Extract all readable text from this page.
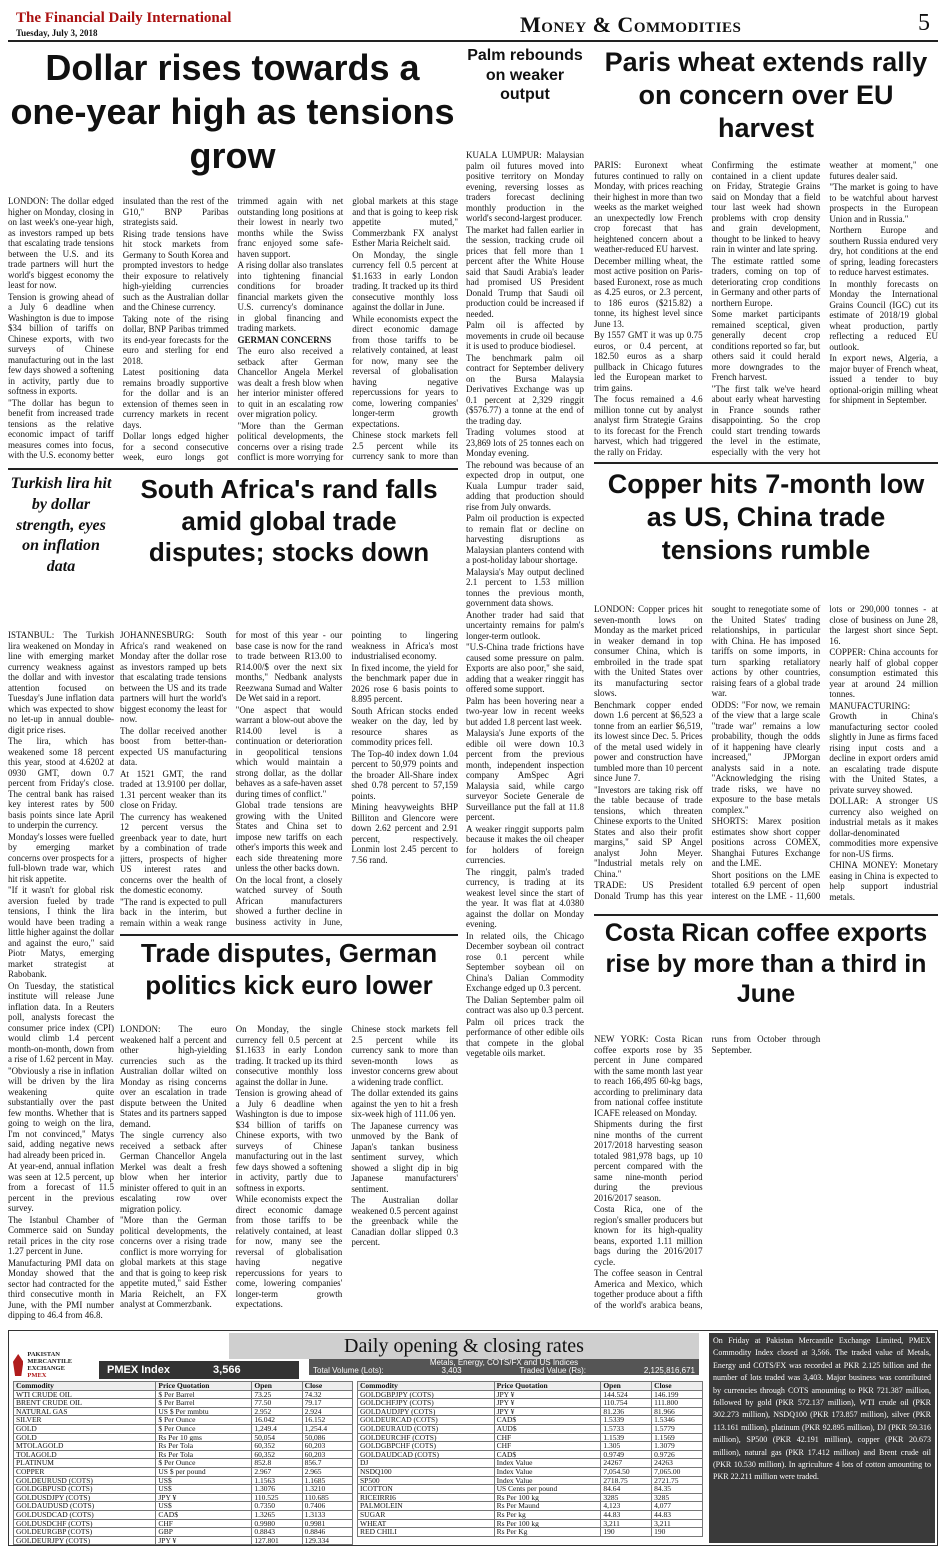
The Financial Daily International
Tuesday, July 3, 2018	Money & Commodities	5
Dollar rises towards a one-year high as tensions grow

LONDON: The dollar edged higher on Monday, closing in on last week's one-year high, as investors ramped up bets that escalating trade tensions between the U.S. and its trade partners will hurt the world's biggest economy the least for now.

Tension is growing ahead of a July 6 deadline when Washington is due to impose $34 billion of tariffs on Chinese exports, with two surveys of Chinese manufacturing out in the last few days showed a softening in activity, partly due to softness in exports.

"The dollar has begun to benefit from increased trade tensions as the relative economic impact of tariff measures comes into focus, with the U.S. economy better insulated than the rest of the G10," BNP Paribas strategists said.

Rising trade tensions have hit stock markets from Germany to South Korea and prompted investors to hedge their exposure to relatively high-yielding currencies such as the Australian dollar and the Chinese currency.

Taking note of the rising dollar, BNP Paribas trimmed its end-year forecasts for the euro and sterling for end 2018.

Latest positioning data remains broadly supportive for the dollar and is an extension of themes seen in currency markets in recent days.

Dollar longs edged higher for a second consecutive week, euro longs got trimmed again with net outstanding long positions at their lowest in nearly two months while the Swiss franc enjoyed some safe-haven support.

A rising dollar also translates into tightening financial conditions for broader financial markets given the U.S. currency's dominance in global financing and trading markets.

GERMAN CONCERNS

The euro also received a setback after German Chancellor Angela Merkel was dealt a fresh blow when her interior minister offered to quit in an escalating row over migration policy.

"More than the German political developments, the concerns over a rising trade conflict is more worrying for global markets at this stage and that is going to keep risk appetite muted," Commerzbank FX analyst Esther Maria Reichelt said.

On Monday, the single currency fell 0.5 percent at $1.1633 in early London trading. It tracked up its third consecutive monthly loss against the dollar in June.

While economists expect the direct economic damage from those tariffs to be relatively contained, at least for now, many see the reversal of globalisation having negative repercussions for years to come, lowering companies' longer-term growth expectations.

Chinese stock markets fell 2.5 percent while its currency sank to more than

Palm rebounds on weaker output

KUALA LUMPUR: Malaysian palm oil futures moved into positive territory on Monday evening, reversing losses as traders forecast declining monthly production in the world's second-largest producer.

The market had fallen earlier in the session, tracking crude oil prices that fell more than 1 percent after the White House said that Saudi Arabia's leader had promised US President Donald Trump that Saudi oil production could be increased if needed.

Palm oil is affected by movements in crude oil because it is used to produce biodiesel.

The benchmark palm oil contract for September delivery on the Bursa Malaysia Derivatives Exchange was up 0.1 percent at 2,329 ringgit ($576.77) a tonne at the end of the trading day.

Trading volumes stood at 23,869 lots of 25 tonnes each on Monday evening.

The rebound was because of an expected drop in output, one Kuala Lumpur trader said, adding that production should rise from July onwards.

Palm oil production is expected to remain flat or decline on harvesting disruptions as Malaysian planters contend with a post-holiday labour shortage.

Malaysia's May output declined 2.1 percent to 1.53 million tonnes the previous month, government data shows.

Another trader had said that uncertainty remains for palm's longer-term outlook.

"U.S-China trade frictions have caused some pressure on palm. Exports are also poor," she said, adding that a weaker ringgit has offered some support.

Palm has been hovering near a two-year low in recent weeks but added 1.8 percent last week.

Malaysia's June exports of the edible oil were down 10.3 percent from the previous month, independent inspection company AmSpec Agri Malaysia said, while cargo surveyor Societe Generale de Surveillance put the fall at 11.8 percent.

A weaker ringgit supports palm because it makes the oil cheaper for holders of foreign currencies.

The ringgit, palm's traded currency, is trading at its weakest level since the start of the year. It was flat at 4.0380 against the dollar on Monday evening.

In related oils, the Chicago December soybean oil contract rose 0.1 percent while September soybean oil on China's Dalian Commodity Exchange edged up 0.3 percent.

The Dalian September palm oil contract was also up 0.3 percent.

Palm oil prices track the performance of other edible oils that compete in the global vegetable oils market.

Paris wheat extends rally on concern over EU harvest

PARIS: Euronext wheat futures continued to rally on Monday, with prices reaching their highest in more than two weeks as the market weighed an unexpectedly low French crop forecast that has heightened concern about a weather-reduced EU harvest.

December milling wheat, the most active position on Paris-based Euronext, rose as much as 4.25 euros, or 2.3 percent, to 186 euros ($215.82) a tonne, its highest level since June 13.

By 1557 GMT it was up 0.75 euros, or 0.4 percent, at 182.50 euros as a sharp pullback in Chicago futures led the European market to trim gains.

The focus remained a 4.6 million tonne cut by analyst analyst firm Strategie Grains to its forecast for the French harvest, which had triggered the rally on Friday.

Confirming the estimate contained in a client update on Friday, Strategie Grains said on Monday that a field tour last week had shown problems with crop density and grain development, thought to be linked to heavy rain in winter and late spring.

The estimate rattled some traders, coming on top of deteriorating crop conditions in Germany and other parts of northern Europe.

Some market participants remained sceptical, given generally decent crop conditions reported so far, but others said it could herald more downgrades to the French harvest.

"The first talk we've heard about early wheat harvesting in France sounds rather disappointing. So the crop could start trending towards the level in the estimate, especially with the very hot weather at moment," one futures dealer said.

"The market is going to have to be watchful about harvest prospects in the European Union and in Russia."

Northern Europe and southern Russia endured very dry, hot conditions at the end of spring, leading forecasters to reduce harvest estimates.

In monthly forecasts on Monday the International Grains Council (IGC) cut its estimate of 2018/19 global wheat production, partly reflecting a reduced EU outlook.

In export news, Algeria, a major buyer of French wheat, issued a tender to buy optional-origin milling wheat for shipment in September.

Turkish lira hit by dollar strength, eyes on inflation data

ISTANBUL: The Turkish lira weakened on Monday in line with emerging market currency weakness against the dollar and with investor attention focused on Tuesday's June inflation data which was expected to show no let-up in annual double-digit price rises.

The lira, which has weakened some 18 percent this year, stood at 4.6202 at 0930 GMT, down 0.7 percent from Friday's close. The central bank has raised key interest rates by 500 basis points since late April to underpin the currency.

Monday's losses were fuelled by emerging market concerns over prospects for a full-blown trade war, which hit risk appetite.

"If it wasn't for global risk aversion fueled by trade tensions, I think the lira would have been trading a little higher against the dollar and against the euro," said Piotr Matys, emerging market strategist at Rabobank.

On Tuesday, the statistical institute will release June inflation data. In a Reuters poll, analysts forecast the consumer price index (CPI) would climb 1.4 percent month-on-month, down from a rise of 1.62 percent in May.

"Obviously a rise in inflation will be driven by the lira weakening quite substantially over the past few months. Whether that is going to weigh on the lira, I'm not convinced," Matys said, adding negative news had already been priced in.

At year-end, annual inflation was seen at 12.5 percent, up from a forecast of 11.5 percent in the previous survey.

The Istanbul Chamber of Commerce said on Sunday retail prices in the city rose 1.27 percent in June.

Manufacturing PMI data on Monday showed that the sector had contracted for the third consecutive month in June, with the PMI number dipping to 46.4 from 46.8.

South Africa's rand falls amid global trade disputes; stocks down

JOHANNESBURG: South Africa's rand weakened on Monday after the dollar rose as investors ramped up bets that escalating trade tensions between the US and its trade partners will hurt the world's biggest economy the least for now.

The dollar received another boost from better-than-expected US manufacturing data.

At 1521 GMT, the rand traded at 13.9100 per dollar, 1.31 percent weaker than its close on Friday.

The currency has weakened 12 percent versus the greenback year to date, hurt by a combination of trade jitters, prospects of higher US interest rates and concerns over the health of the domestic economy.

"The rand is expected to pull back in the interim, but remain within a weak range for most of this year - our base case is now for the rand to trade between R13.00 to R14.00/$ over the next six months," Nedbank analysts Reezwana Sumad and Walter De Wet said in a report.

"One aspect that would warrant a blow-out above the R14.00 level is a continuation or deterioration in geopolitical tensions which would maintain a strong dollar, as the dollar behaves as a safe-haven asset during times of conflict."

Global trade tensions are growing with the United States and China set to impose new tariffs on each other's imports this week and each side threatening more unless the other backs down.

On the local front, a closely watched survey of South African manufacturers showed a further decline in business activity in June, pointing to lingering weakness in Africa's most industrialised economy.

In fixed income, the yield for the benchmark paper due in 2026 rose 6 basis points to 8.895 percent.

South African stocks ended weaker on the day, led by resource shares as commodity prices fell.

The Top-40 index down 1.04 percent to 50,979 points and the broader All-Share index shed 0.78 percent to 57,159 points.

Mining heavyweights BHP Billiton and Glencore were down 2.62 percent and 2.91 percent, respectively. Lonmin lost 2.45 percent to 7.56 rand.

Copper hits 7-month low as US, China trade tensions rumble

LONDON: Copper prices hit seven-month lows on Monday as the market priced in weaker demand in top consumer China, which is embroiled in the trade spat with the United States over its manufacturing sector slows.

Benchmark copper ended down 1.6 percent at $6,523 a tonne from an earlier $6,519, its lowest since Dec. 5. Prices of the metal used widely in power and construction have tumbled more than 10 percent since June 7.

"Investors are taking risk off the table because of trade tensions, which threaten Chinese exports to the United States and also their profit margins," said SP Angel analyst John Meyer. "Industrial metals rely on China."

TRADE: US President Donald Trump has this year sought to renegotiate some of the United States' trading relationships, in particular with China. He has imposed tariffs on some imports, in turn sparking retaliatory actions by other countries, raising fears of a global trade war.

ODDS: "For now, we remain of the view that a large scale "trade war" remains a low probability, though the odds of it happening have clearly increased," JPMorgan analysts said in a note. "Acknowledging the rising trade risks, we have no exposure to the base metals complex."

SHORTS: Marex position estimates show short copper positions across COMEX, Shanghai Futures Exchange and the LME.

Short positions on the LME totalled 6.9 percent of open interest on the LME - 11,600 lots or 290,000 tonnes - at close of business on June 28, the largest short since Sept. 16.

COPPER: China accounts for nearly half of global copper consumption estimated this year at around 24 million tonnes.

MANUFACTURING: Growth in China's manufacturing sector cooled slightly in June as firms faced rising input costs and a decline in export orders amid an escalating trade dispute with the United States, a private survey showed.

DOLLAR: A stronger US currency also weighed on industrial metals as it makes dollar-denominated commodities more expensive for non-US firms.

CHINA MONEY: Monetary easing in China is expected to help support industrial metals.

Trade disputes, German politics kick euro lower

LONDON: The euro weakened half a percent and other high-yielding currencies such as the Australian dollar wilted on Monday as rising concerns over an escalation in trade dispute between the United States and its partners sapped demand.

The single currency also received a setback after German Chancellor Angela Merkel was dealt a fresh blow when her interior minister offered to quit in an escalating row over migration policy.

"More than the German political developments, the concerns over a rising trade conflict is more worrying for global markets at this stage and that is going to keep risk appetite muted," said Esther Maria Reichelt, an FX analyst at Commerzbank.

On Monday, the single currency fell 0.5 percent at $1.1633 in early London trading. It tracked up its third consecutive monthly loss against the dollar in June.

Tension is growing ahead of a July 6 deadline when Washington is due to impose $34 billion of tariffs on Chinese exports, with two surveys of Chinese manufacturing out in the last few days showed a softening in activity, partly due to softness in exports.

While economists expect the direct economic damage from those tariffs to be relatively contained, at least for now, many see the reversal of globalisation having negative repercussions for years to come, lowering companies' longer-term growth expectations.

Chinese stock markets fell 2.5 percent while its currency sank to more than seven-month lows as investor concerns grew about a widening trade conflict.

The dollar extended its gains against the yen to hit a fresh six-week high of 111.06 yen.

The Japanese currency was unmoved by the Bank of Japan's tankan business sentiment survey, which showed a slight dip in big Japanese manufacturers' sentiment.

The Australian dollar weakened 0.5 percent against the greenback while the Canadian dollar slipped 0.3 percent.

Costa Rican coffee exports rise by more than a third in June

NEW YORK: Costa Rican coffee exports rose by 35 percent in June compared with the same month last year to reach 166,495 60-kg bags, according to preliminary data from national coffee institute ICAFE released on Monday.

Shipments during the first nine months of the current 2017/2018 harvesting season totaled 981,978 bags, up 10 percent compared with the same nine-month period during the previous 2016/2017 season.

Costa Rica, one of the region's smaller producers but known for its high-quality beans, exported 1.11 million bags during the 2016/2017 cycle.

The coffee season in Central America and Mexico, which together produce about a fifth of the world's arabica beans, runs from October through September.

PAKISTAN MERCANTILE EXCHANGE
PMEX
Daily opening & closing rates
PMEX Index	3,566
Metals, Energy, COTS/FX and US Indices
Total Volume (Lots):	3,403	Traded Value (Rs):	2,125,816,671
Commodity	Price Quotation	Open	Close
WTI CRUDE OIL	$ Per Barrel	73.25	74.32
BRENT CRUDE OIL	$ Per Barrel	77.50	79.17
NATURAL GAS	US $ Per mmbtu	2.952	2.924
SILVER	$ Per Ounce	16.042	16.152
GOLD	$ Per Ounce	1,249.4	1,254.4
GOLD	Rs Per 10 gms	50,054	50,086
MTOLAGOLD	Rs Per Tola	60,352	60,203
TOLAGOLD	Rs Per Tola	60,352	60,203
PLATINUM	$ Per Ounce	852.8	856.7
COPPER	US $ per pound	2.967	2.965
GOLDEURUSD (COTS)	US$	1.1563	1.1685
GOLDGBPUSD (COTS)	US$	1.3076	1.3210
GOLDUSDJPY (COTS)	JPY ¥	110.525	110.685
GOLDAUDUSD (COTS)	US$	0.7350	0.7406
GOLDUSDCAD (COTS)	CAD$	1.3265	1.3133
GOLDUSDCHF (COTS)	CHF	0.9980	0.9981
GOLDEURGBP (COTS)	GBP	0.8843	0.8846
GOLDEURJPY (COTS)	JPY ¥	127.801	129.334
Commodity	Price Quotation	Open	Close
GOLDGBPJPY (COTS)	JPY ¥	144.524	146.199
GOLDCHFJPY (COTS)	JPY ¥	110.754	111.800
GOLDAUDJPY (COTS)	JPY ¥	81.236	81.966
GOLDEURCAD (COTS)	CAD$	1.5339	1.5346
GOLDEURAUD (COTS)	AUD$	1.5733	1.5779
GOLDEURCHF (COTS)	CHF	1.1539	1.1569
GOLDGBPCHF (COTS)	CHF	1.305	1.3079
GOLDAUDCAD (COTS)	CAD$	0.9749	0.9726
DJ	Index Value	24267	24263
NSDQ100	Index Value	7,054.50	7,065.00
SP500	Index Value	2718.75	2721.75
ICOTTON	US Cents per pound	84.64	84.35
RICEIRRI6	Rs Per 100 kg	3285	3285
PALMOLEIN	Rs Per Maund	4,123	4,077
SUGAR	Rs Per kg	44.83	44.83
WHEAT	Rs Per 100 kg	3,211	3,211
RED CHILI	Rs Per Kg	190	190
On Friday at Pakistan Mercantile Exchange Limited, PMEX Commodity Index closed at 3,566. The traded value of Metals, Energy and COTS/FX was recorded at PKR 2.125 billion and the number of lots traded was 3,403. Major business was contributed by currencies through COTS amounting to PKR 721.387 million, followed by gold (PKR 572.137 million), WTI crude oil (PKR 302.273 million), NSDQ100 (PKR 173.857 million), silver (PKR 113.161 million), platinum (PKR 92.895 million), DJ (PKR 59.316 million), SP500 (PKR 42.191 million), copper (PKR 20.673 million), natural gas (PKR 17.412 million) and Brent crude oil (PKR 10.530 million). In agriculture 4 lots of cotton amounting to PKR 22.211 million were traded.
